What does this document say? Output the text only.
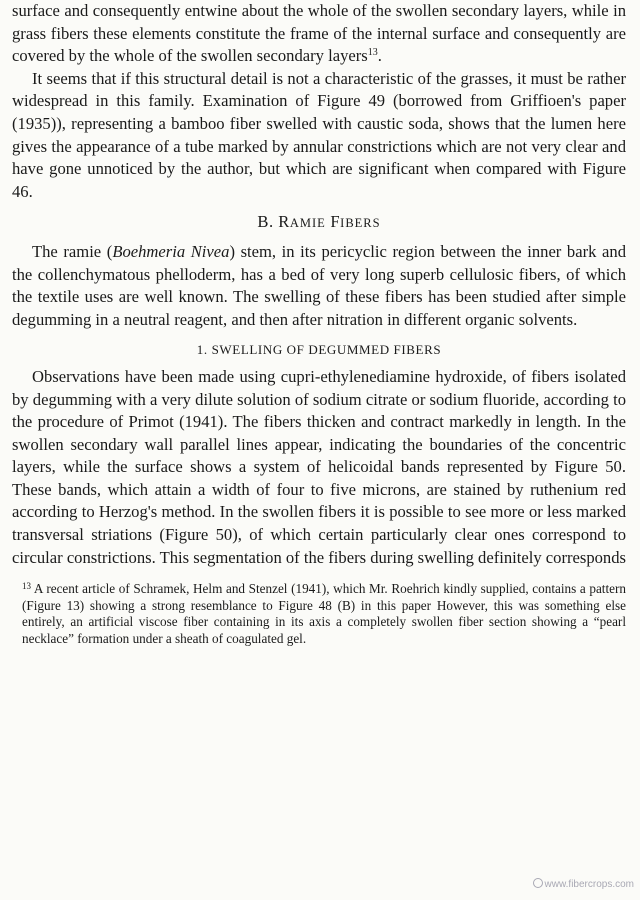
surface and consequently entwine about the whole of the swollen secondary layers, while in grass fibers these elements constitute the frame of the internal surface and consequently are covered by the whole of the swollen secondary layers$^{13}$.

It seems that if this structural detail is not a characteristic of the grasses, it must be rather widespread in this family. Examination of Figure 49 (borrowed from Griffioen's paper (1935)), representing a bamboo fiber swelled with caustic soda, shows that the lumen here gives the appearance of a tube marked by annular constrictions which are not very clear and have gone unnoticed by the author, but which are significant when compared with Figure 46.

B. RAMIE FIBERS

The ramie (Boehmeria Nivea) stem, in its pericyclic region between the inner bark and the collenchymatous phelloderm, has a bed of very long superb cellulosic fibers, of which the textile uses are well known. The swelling of these fibers has been studied after simple degumming in a neutral reagent, and then after nitration in different organic solvents.

1. SWELLING OF DEGUMMED FIBERS

Observations have been made using cupri-ethylenediamine hydroxide, of fibers isolated by degumming with a very dilute solution of sodium citrate or sodium fluoride, according to the procedure of Primot (1941). The fibers thicken and contract markedly in length. In the swollen secondary wall parallel lines appear, indicating the boundaries of the concentric layers, while the surface shows a system of helicoidal bands represented by Figure 50. These bands, which attain a width of four to five microns, are stained by ruthenium red according to Herzog's method. In the swollen fibers it is possible to see more or less marked transversal striations (Figure 50), of which certain particularly clear ones correspond to circular constrictions. This segmentation of the fibers during swelling definitely corresponds

$^{13}$ A recent article of Schramek, Helm and Stenzel (1941), which Mr. Roehrich kindly supplied, contains a pattern (Figure 13) showing a strong resemblance to Figure 48 (B) in this paper However, this was something else entirely, an artificial viscose fiber containing in its axis a completely swollen fiber section showing a “pearl necklace” formation under a sheath of coagulated gel.

www.fibercrops.com
